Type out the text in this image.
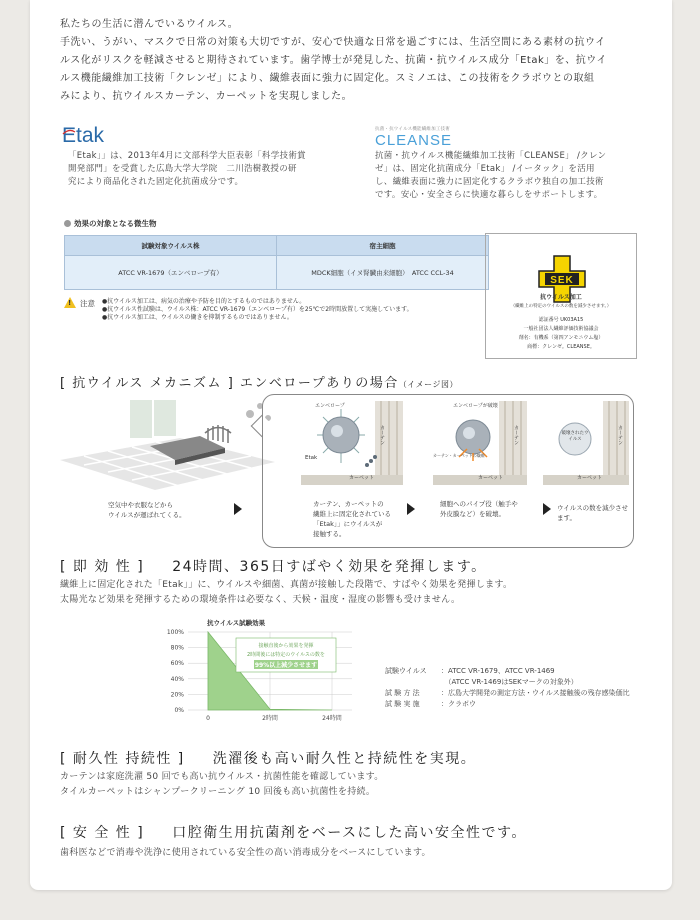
私たちの生活に潜んでいるウイルス。
手洗い、うがい、マスクで日常の対策も大切ですが、安心で快適な日常を過ごすには、生活空間にある素材の抗ウイ
ルス化がリスクを軽減させると期待されています。歯学博士が発見した、抗菌・抗ウイルス成分「Etak」を、抗ウイ
ルス機能繊維加工技術「クレンゼ」により、繊維表面に強力に固定化。スミノエは、この技術をクラボウとの取組
みにより、抗ウイルスカーテン、カーペットを実現しました。
Etak
「Etak」」は、2013年4月に文部科学大臣表彰「科学技術賞
開発部門」を受賞した広島大学大学院　二川浩樹教授の研
究により商品化された固定化抗菌成分です。
抗菌・抗ウイルス機能繊維加工技術
CLEANSE
抗菌・抗ウイルス機能繊維加工技術「CLEANSE」 /クレン
ゼ」は、固定化抗菌成分「Etak」 /イータック」を活用
し、繊維表面に強力に固定化するクラボウ独自の加工技術
です。安心・安全さらに快適な暮らしをサポートします。
効果の対象となる微生物
試験対象ウイルス株	宿主細胞
ATCC VR-1679（エンベロープ有）	MDCK細胞（イヌ腎臓由来細胞）　ATCC CCL-34
! 注意 ●抗ウイルス加工は、病気の治療や予防を目的とするものではありません。
●抗ウイルス性試験は、ウイルス株：ATCC VR-1679（エンベロープ有）を25℃で2時間放置して実施しています。
●抗ウイルス加工は、ウイルスの働きを抑制するものではありません。
SEK
抗ウイルス加工
（繊維上の特定のウイルスの数を減少させます。）
認証番号 UK03A15
一般社団法人繊維評価技術協議会
剤名：有機系（第四アンモニウム塩）
商標：クレンゼ。CLEANSE。
[ 抗ウイルス メカニズム ] エンベロープありの場合（イメージ図）
空気中や衣服などから
ウイルスが運ばれてくる。
エンベロープ
Etak
カーテン
カーペット
エンベロープが破壊
カーテン・カーペットの繊維
カーテン
カーペット
破壊されたウイルス	カーテン
カーペット
カーテン、カーペットの
繊維上に固定化されている
「Etak」」にウイルスが
接触する。
細胞へのパイプ役（触手や
外皮膜など）を破壊。
ウイルスの数を減少させます。
[ 即 効 性 ] 24時間、365日すばやく効果を発揮します。
繊維上に固定化された「Etak」」に、ウイルスや細菌、真菌が接触した段階で、すばやく効果を発揮します。
太陽光など効果を発揮するための環境条件は必要なく、天候・温度・湿度の影響も受けません。
抗ウイルス試験効果
100%
80%
60%
40%
20%
0%
0	2時間	24時間
接触直後から効果を発揮
2時間後には特定のウイルスの数を
99%以上減少させます
試験ウイルス	：ATCC VR-1679、ATCC VR-1469
　（ATCC VR-1469はSEKマークの対象外）
試 験 方 法	：広島大学開発の測定方法・ウイルス接触後の残存感染価比
試 験 実 施	：クラボウ
[ 耐久性 持続性 ] 洗濯後も高い耐久性と持続性を実現。
カーテンは家庭洗濯 50 回でも高い抗ウイルス・抗菌性能を確認しています。
タイルカーペットはシャンプークリーニング 10 回後も高い抗菌性を持続。
[ 安 全 性 ] 口腔衛生用抗菌剤をベースにした高い安全性です。
歯科医などで消毒や洗浄に使用されている安全性の高い消毒成分をベースにしています。
